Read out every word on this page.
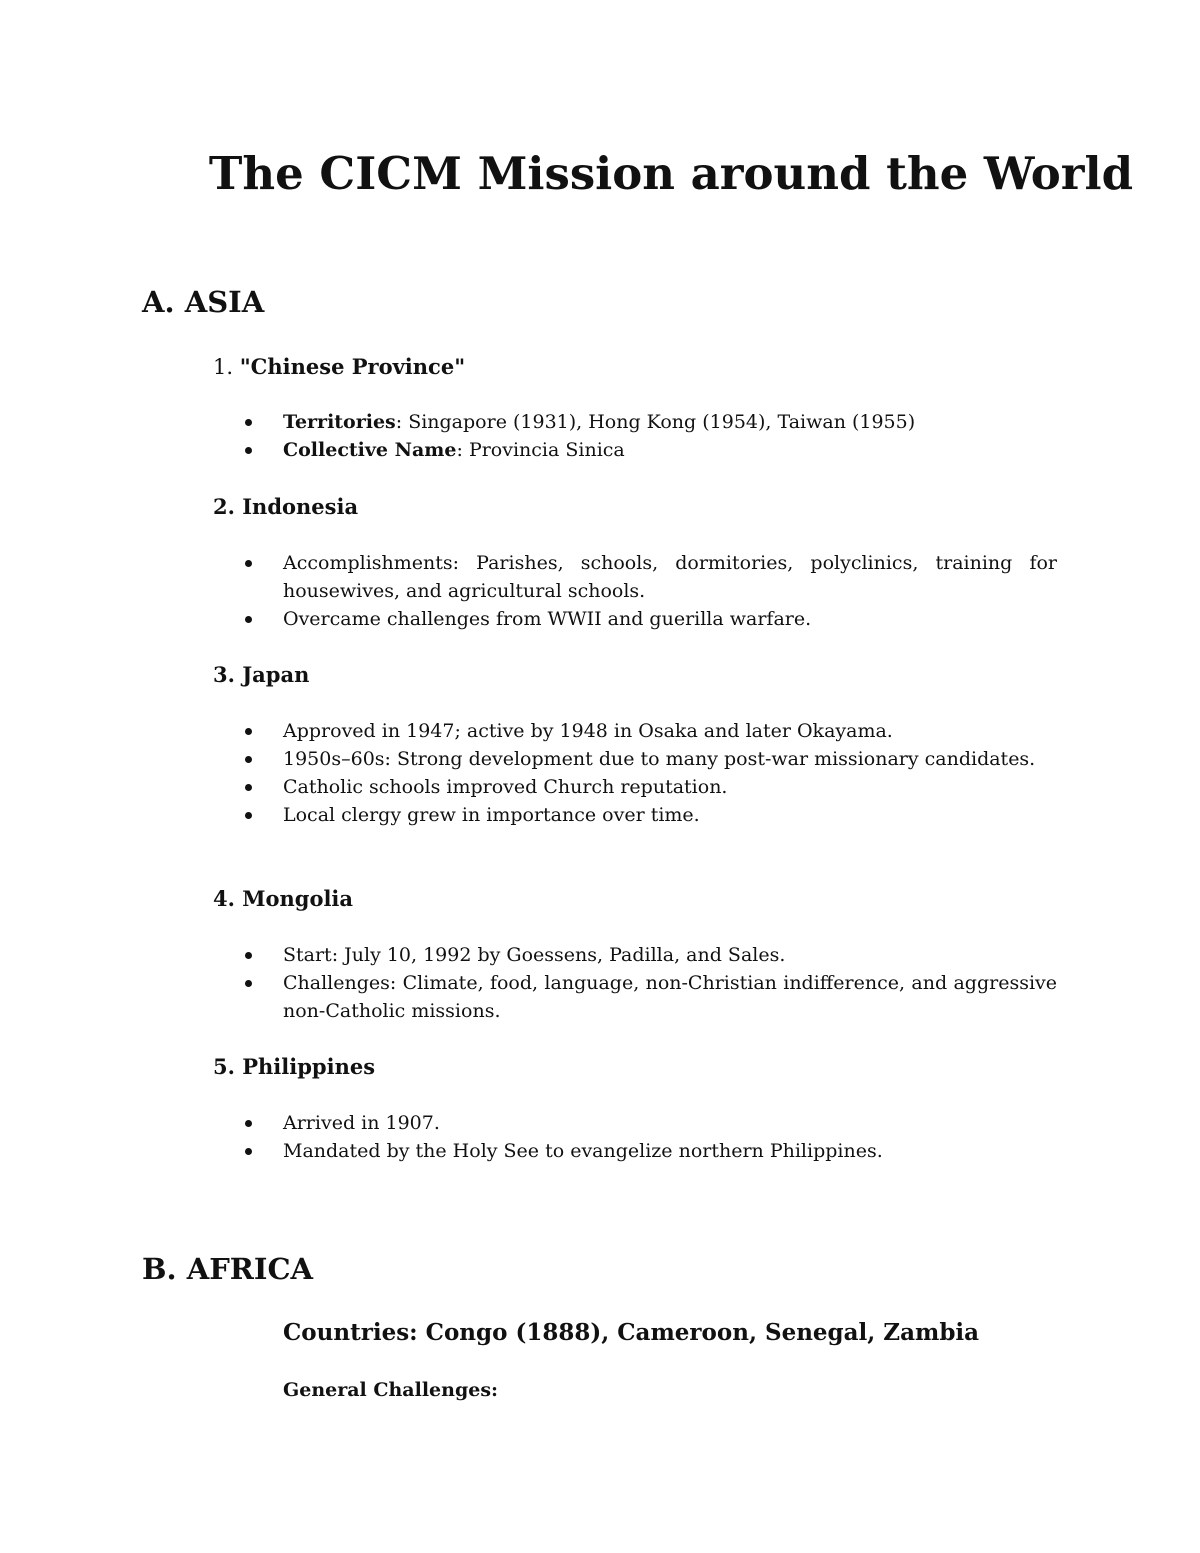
The CICM Mission around the World
A. ASIA
1. "Chinese Province"
Territories: Singapore (1931), Hong Kong (1954), Taiwan (1955)
Collective Name: Provincia Sinica
2. Indonesia
Accomplishments: Parishes, schools, dormitories, polyclinics, training for housewives, and agricultural schools.
Overcame challenges from WWII and guerilla warfare.
3. Japan
Approved in 1947; active by 1948 in Osaka and later Okayama.
1950s–60s: Strong development due to many post-war missionary candidates.
Catholic schools improved Church reputation.
Local clergy grew in importance over time.
4. Mongolia
Start: July 10, 1992 by Goessens, Padilla, and Sales.
Challenges: Climate, food, language, non-Christian indifference, and aggressive non-Catholic missions.
5. Philippines
Arrived in 1907.
Mandated by the Holy See to evangelize northern Philippines.
B. AFRICA

Countries: Congo (1888), Cameroon, Senegal, Zambia

General Challenges:
